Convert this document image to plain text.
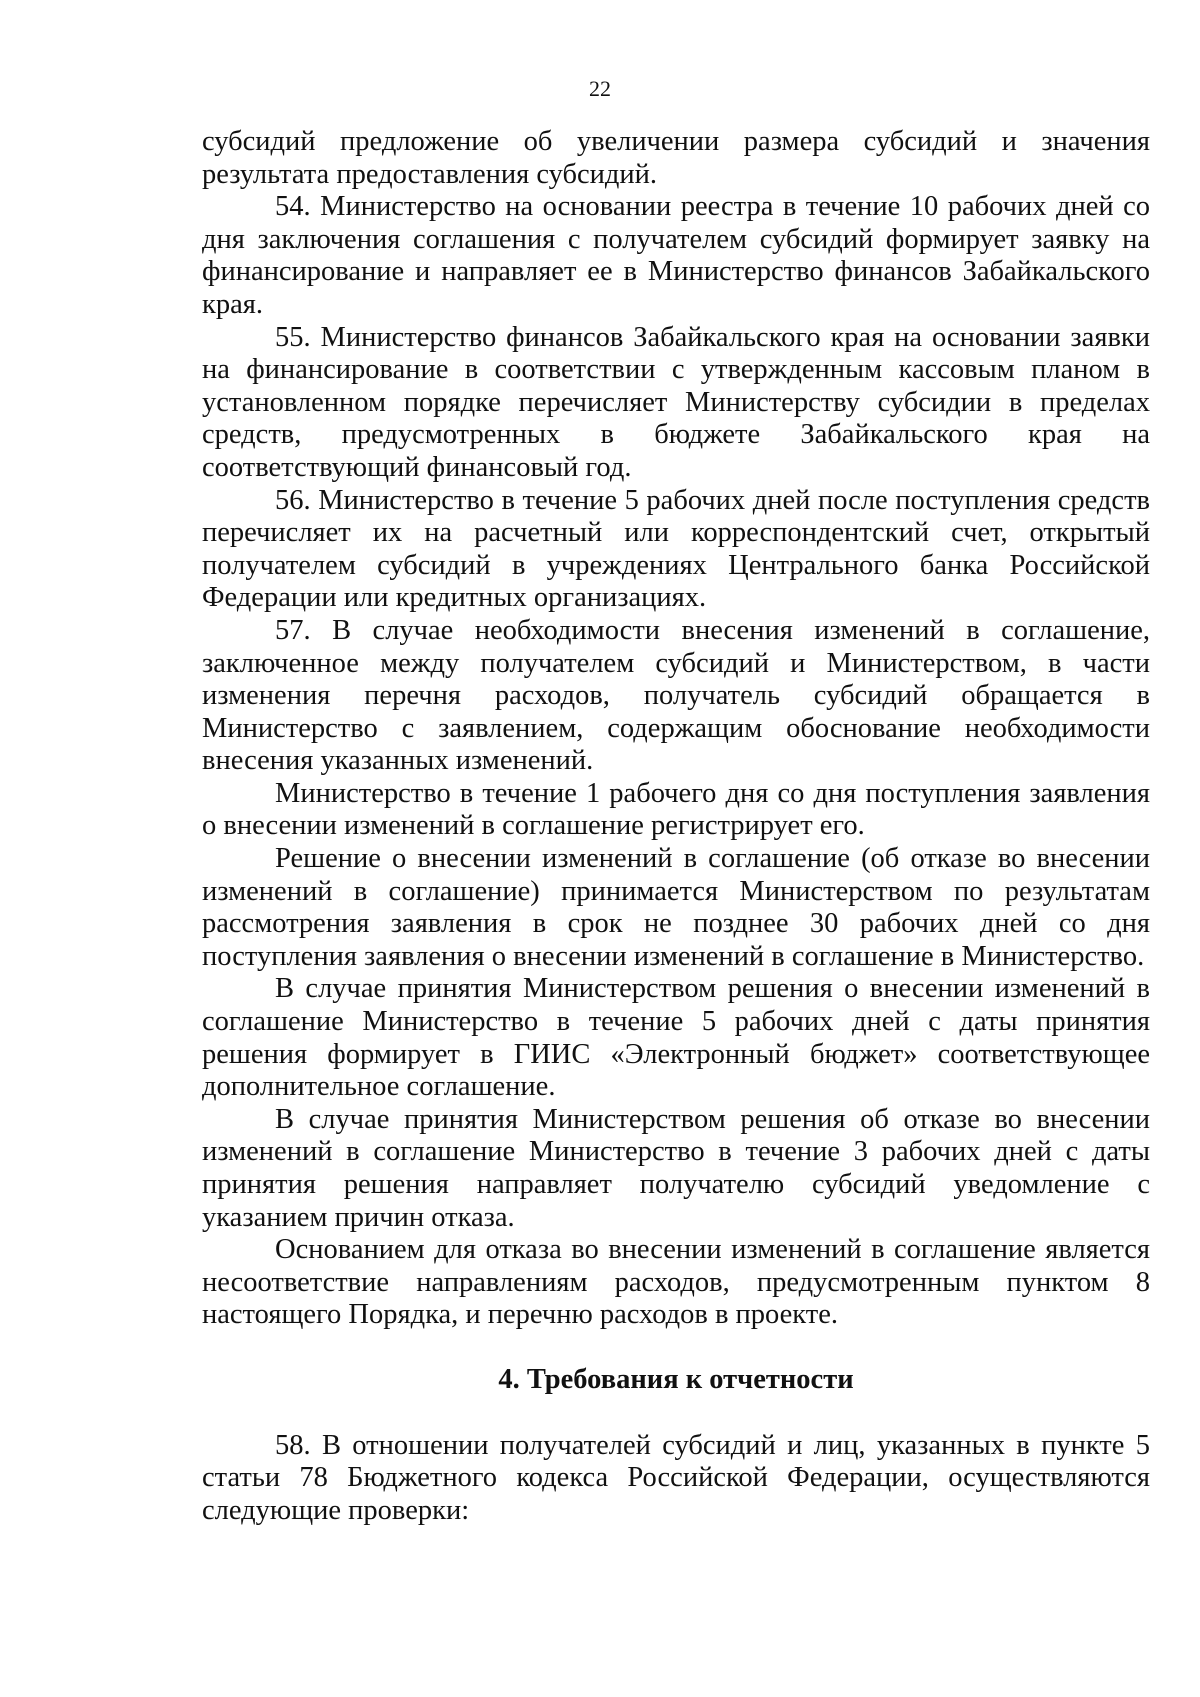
22

субсидий предложение об увеличении размера субсидий и значения результата предоставления субсидий.

54. Министерство на основании реестра в течение 10 рабочих дней со дня заключения соглашения с получателем субсидий формирует заявку на финансирование и направляет ее в Министерство финансов Забайкальского края.

55. Министерство финансов Забайкальского края на основании заявки на финансирование в соответствии с утвержденным кассовым планом в установленном порядке перечисляет Министерству субсидии в пределах средств, предусмотренных в бюджете Забайкальского края на соответствующий финансовый год.

56. Министерство в течение 5 рабочих дней после поступления средств перечисляет их на расчетный или корреспондентский счет, открытый получателем субсидий в учреждениях Центрального банка Российской Федерации или кредитных организациях.

57. В случае необходимости внесения изменений в соглашение, заключенное между получателем субсидий и Министерством, в части изменения перечня расходов, получатель субсидий обращается в Министерство с заявлением, содержащим обоснование необходимости внесения указанных изменений.

Министерство в течение 1 рабочего дня со дня поступления заявления о внесении изменений в соглашение регистрирует его.

Решение о внесении изменений в соглашение (об отказе во внесении изменений в соглашение) принимается Министерством по результатам рассмотрения заявления в срок не позднее 30 рабочих дней со дня поступления заявления о внесении изменений в соглашение в Министерство.

В случае принятия Министерством решения о внесении изменений в соглашение Министерство в течение 5 рабочих дней с даты принятия решения формирует в ГИИС «Электронный бюджет» соответствующее дополнительное соглашение.

В случае принятия Министерством решения об отказе во внесении изменений в соглашение Министерство в течение 3 рабочих дней с даты принятия решения направляет получателю субсидий уведомление с указанием причин отказа.

Основанием для отказа во внесении изменений в соглашение является несоответствие направлениям расходов, предусмотренным пунктом 8 настоящего Порядка, и перечню расходов в проекте.

4. Требования к отчетности

58. В отношении получателей субсидий и лиц, указанных в пункте 5 статьи 78 Бюджетного кодекса Российской Федерации, осуществляются следующие проверки:
